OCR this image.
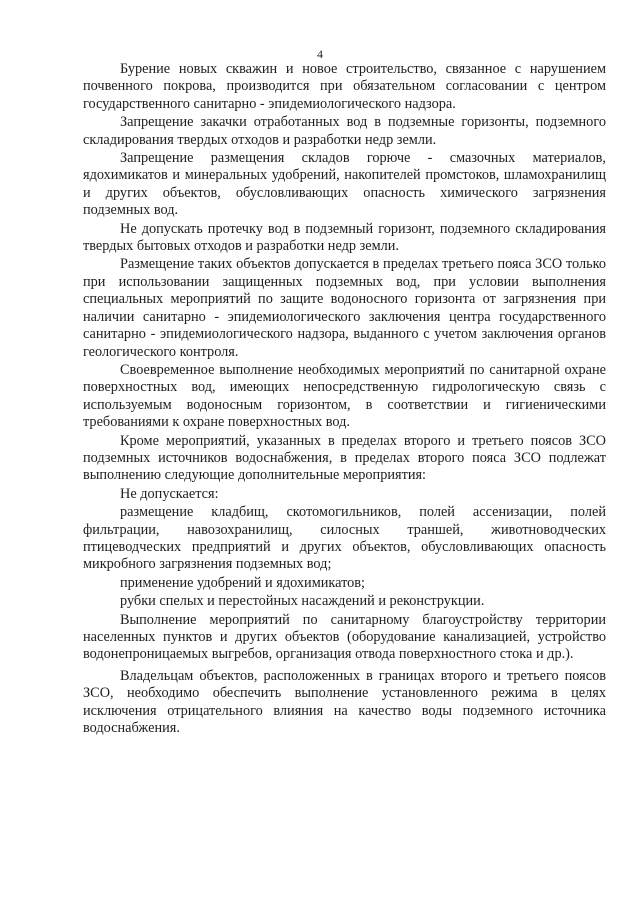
4

Бурение новых скважин и новое строительство, связанное с нарушением почвенного покрова, производится при обязательном согласовании с центром государственного санитарно - эпидемиологического надзора.

Запрещение закачки отработанных вод в подземные горизонты, подземного складирования твердых отходов и разработки недр земли.

Запрещение размещения складов горюче - смазочных материалов, ядохимикатов и минеральных удобрений, накопителей промстоков, шламохранилищ и других объектов, обусловливающих опасность химического загрязнения подземных вод.

Не допускать протечку вод в подземный горизонт, подземного складирования твердых бытовых отходов и разработки недр земли.

Размещение таких объектов допускается в пределах третьего пояса ЗСО только при использовании защищенных подземных вод, при условии выполнения специальных мероприятий по защите водоносного горизонта от загрязнения при наличии санитарно - эпидемиологического заключения центра государственного санитарно - эпидемиологического надзора, выданного с учетом заключения органов геологического контроля.

Своевременное выполнение необходимых мероприятий по санитарной охране поверхностных вод, имеющих непосредственную гидрологическую связь с используемым водоносным горизонтом, в соответствии и гигиеническими требованиями к охране поверхностных вод.

Кроме мероприятий, указанных в пределах второго и третьего поясов ЗСО подземных источников водоснабжения, в пределах второго пояса ЗСО подлежат выполнению следующие дополнительные мероприятия:

Не допускается:

размещение кладбищ, скотомогильников, полей ассенизации, полей фильтрации, навозохранилищ, силосных траншей, животноводческих птицеводческих предприятий и других объектов, обусловливающих опасность микробного загрязнения подземных вод;

применение удобрений и ядохимикатов;

рубки спелых и перестойных насаждений и реконструкции.

Выполнение мероприятий по санитарному благоустройству территории населенных пунктов и других объектов (оборудование канализацией, устройство водонепроницаемых выгребов, организация отвода поверхностного стока и др.).

Владельцам объектов, расположенных в границах второго и третьего поясов ЗСО, необходимо обеспечить выполнение установленного режима в целях исключения отрицательного влияния на качество воды подземного источника водоснабжения.
